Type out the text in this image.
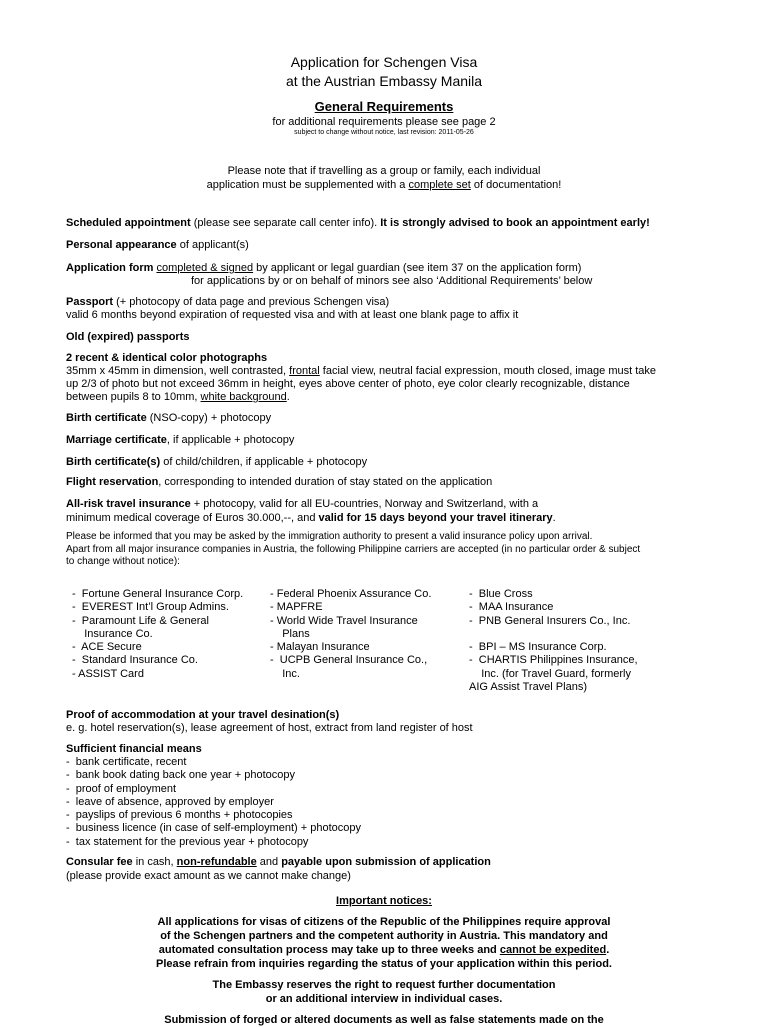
Application for Schengen Visa
at the Austrian Embassy Manila
General Requirements
for additional requirements please see page 2
subject to change without notice, last revision: 2011-05-26
Please note that if travelling as a group or family, each individual
application must be supplemented with a complete set of documentation!
Scheduled appointment (please see separate call center info). It is strongly advised to book an appointment early!
Personal appearance of applicant(s)
Application form completed & signed by applicant or legal guardian (see item 37 on the application form)
for applications by or on behalf of minors see also ‘Additional Requirements’ below
Passport (+ photocopy of data page and previous Schengen visa)
valid 6 months beyond expiration of requested visa and with at least one blank page to affix it
Old (expired) passports
2 recent & identical color photographs
35mm x 45mm in dimension, well contrasted, frontal facial view, neutral facial expression, mouth closed, image must take
up 2/3 of photo but not exceed 36mm in height, eyes above center of photo, eye color clearly recognizable, distance
between pupils 8 to 10mm, white background.
Birth certificate (NSO-copy) + photocopy
Marriage certificate, if applicable + photocopy
Birth certificate(s) of child/children, if applicable + photocopy
Flight reservation, corresponding to intended duration of stay stated on the application
All-risk travel insurance + photocopy, valid for all EU-countries, Norway and Switzerland, with a
minimum medical coverage of Euros 30.000,--, and valid for 15 days beyond your travel itinerary.
Please be informed that you may be asked by the immigration authority to present a valid insurance policy upon arrival.
Apart from all major insurance companies in Austria, the following Philippine carriers are accepted (in no particular order & subject
to change without notice):
-  Fortune General Insurance Corp.
-  EVEREST Int’l Group Admins.
-  Paramount Life & General
Insurance Co.
-  ACE Secure
-  Standard Insurance Co.
- ASSIST Card
- Federal Phoenix Assurance Co.
- MAPFRE
- World Wide Travel Insurance
Plans
- Malayan Insurance
-  UCPB General Insurance Co.,
Inc.
-  Blue Cross
-  MAA Insurance
-  PNB General Insurers Co., Inc.
-  BPI – MS Insurance Corp.
-  CHARTIS Philippines Insurance,
Inc. (for Travel Guard, formerly
AIG Assist Travel Plans)
Proof of accommodation at your travel desination(s)
e. g. hotel reservation(s), lease agreement of host, extract from land register of host
Sufficient financial means
-  bank certificate, recent
-  bank book dating back one year + photocopy
-  proof of employment
-  leave of absence, approved by employer
-  payslips of previous 6 months + photocopies
-  business licence (in case of self-employment) + photocopy
-  tax statement for the previous year + photocopy
Consular fee in cash, non-refundable and payable upon submission of application
(please provide exact amount as we cannot make change)
Important notices:
All applications for visas of citizens of the Republic of the Philippines require approval
of the Schengen partners and the competent authority in Austria. This mandatory and
automated consultation process may take up to three weeks and cannot be expedited.
Please refrain from inquiries regarding the status of your application within this period.
The Embassy reserves the right to request further documentation
or an additional interview in individual cases.
Submission of forged or altered documents as well as false statements made on the
